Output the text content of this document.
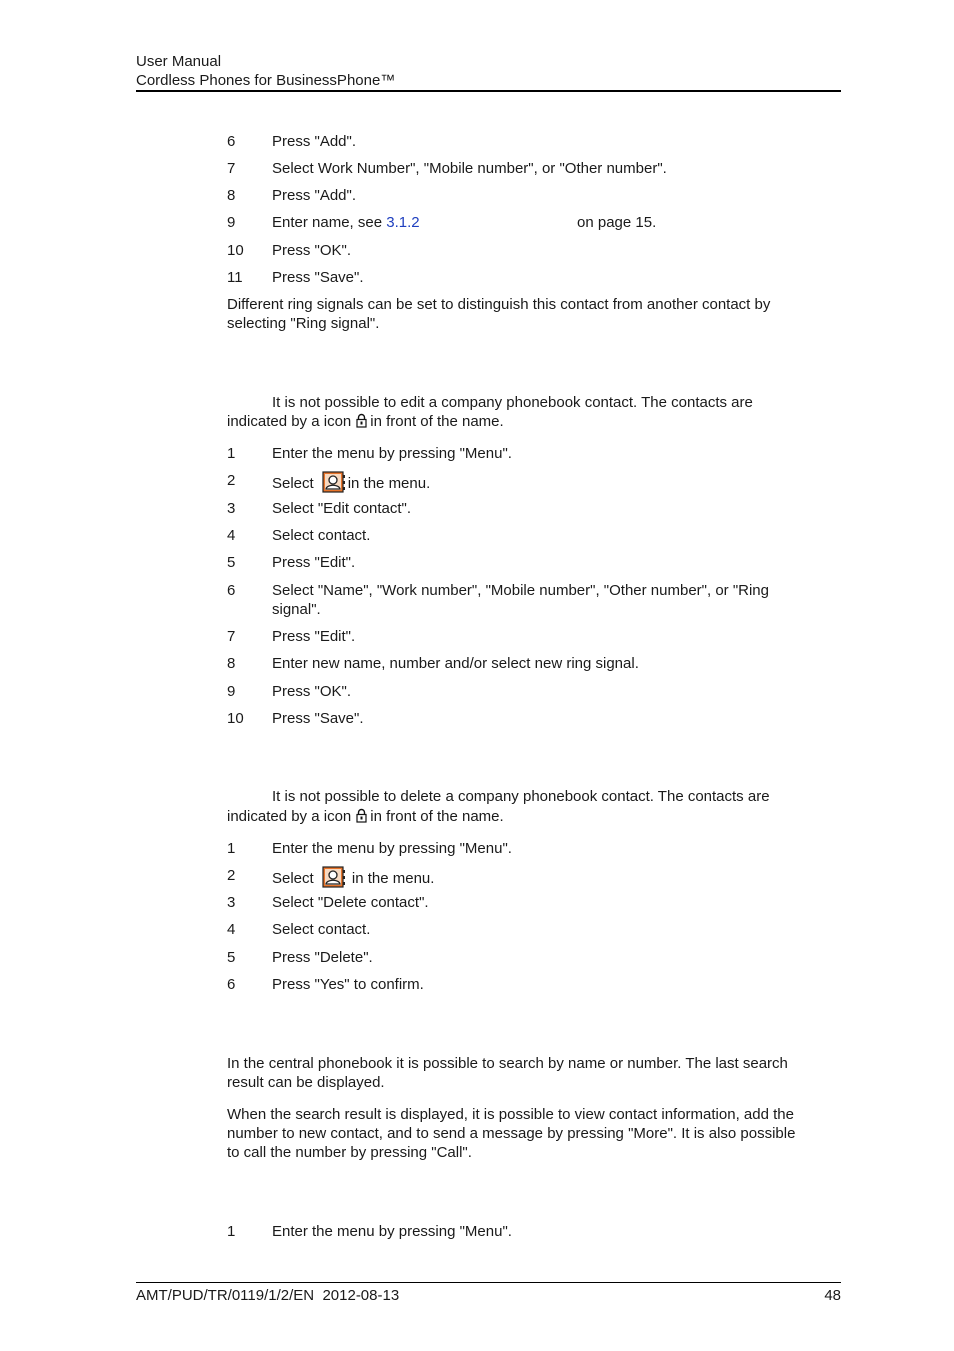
User Manual
Cordless Phones for BusinessPhone™
6	Press "Add".
7	Select Work Number", "Mobile number", or "Other number".
8	Press "Add".
9	Enter name, see 3.1.2	on page 15.
10	Press "OK".
11	Press "Save".
Different ring signals can be set to distinguish this contact from another contact by
selecting "Ring signal".
It is not possible to edit a company phonebook contact. The contacts are
indicated by a icon in front of the name.
1	Enter the menu by pressing "Menu".
2	Select in the menu.
3	Select "Edit contact".
4	Select contact.
5	Press "Edit".
6	Select "Name", "Work number", "Mobile number", "Other number", or "Ring
signal".
7	Press "Edit".
8	Enter new name, number and/or select new ring signal.
9	Press "OK".
10	Press "Save".
It is not possible to delete a company phonebook contact. The contacts are
indicated by a icon in front of the name.
1	Enter the menu by pressing "Menu".
2	Select	in the menu.
3	Select "Delete contact".
4	Select contact.
5	Press "Delete".
6	Press "Yes" to confirm.
In the central phonebook it is possible to search by name or number. The last search
result can be displayed.
When the search result is displayed, it is possible to view contact information, add the
number to new contact, and to send a message by pressing "More". It is also possible
to call the number by pressing "Call".
1	Enter the menu by pressing "Menu".
AMT/PUD/TR/0119/1/2/EN  2012-08-13	48
